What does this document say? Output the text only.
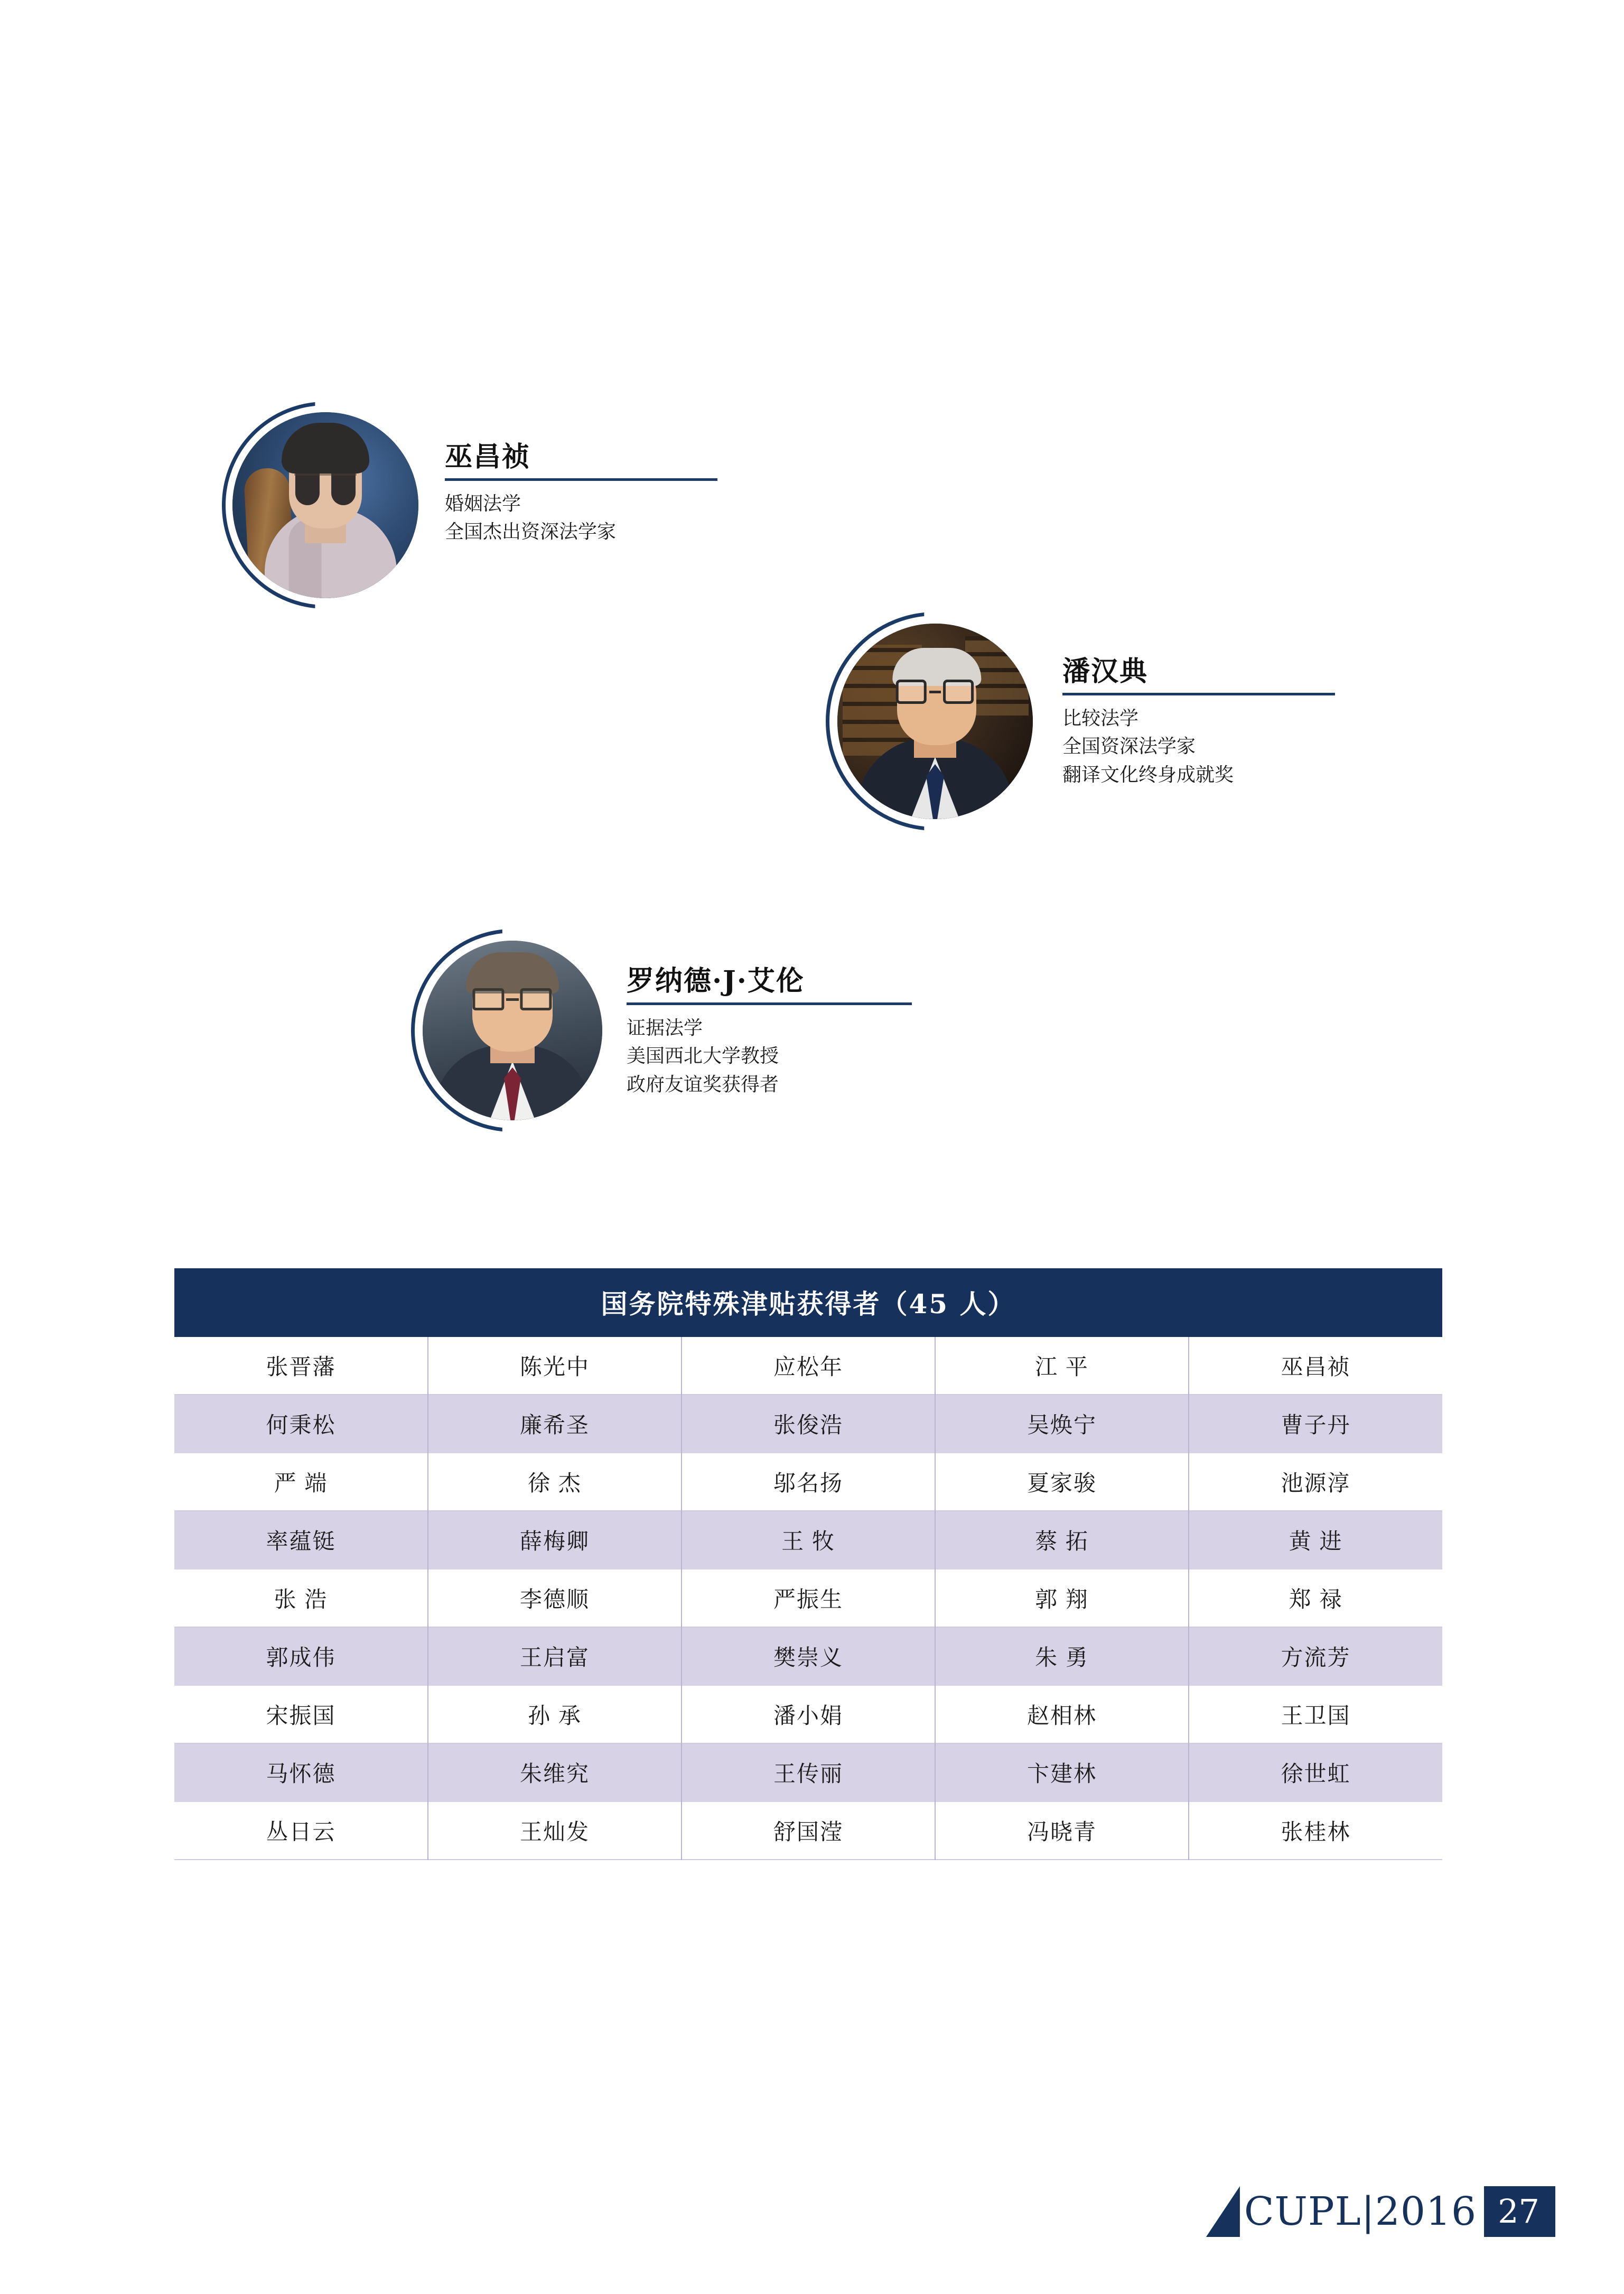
巫昌祯
婚姻法学
全国杰出资深法学家
潘汉典
比较法学
全国资深法学家
翻译文化终身成就奖
罗纳德·J·艾伦
证据法学
美国西北大学教授
政府友谊奖获得者
国务院特殊津贴获得者（45 人）
张晋藩	陈光中	应松年	江 平	巫昌祯
何秉松	廉希圣	张俊浩	吴焕宁	曹子丹
严 端	徐 杰	邬名扬	夏家骏	池源淳
率蕴铤	薛梅卿	王 牧	蔡 拓	黄 进
张 浩	李德顺	严振生	郭 翔	郑 禄
郭成伟	王启富	樊崇义	朱 勇	方流芳
宋振国	孙 承	潘小娟	赵相林	王卫国
马怀德	朱维究	王传丽	卞建林	徐世虹
丛日云	王灿发	舒国滢	冯晓青	张桂林
CUPL|2016 27
